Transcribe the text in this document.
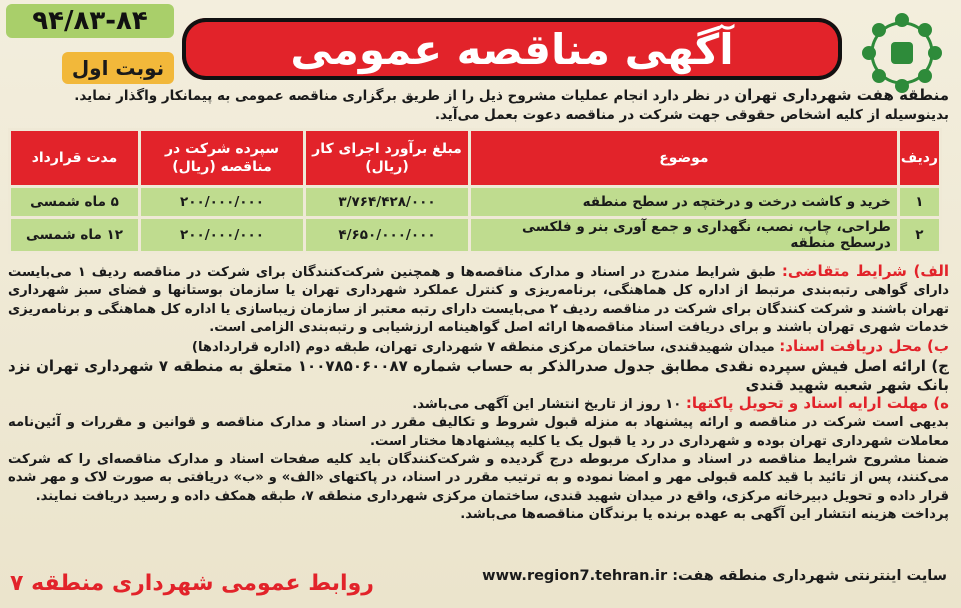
۹۴/۸۳-۸۴
نوبت اول	آگهی مناقصه عمومی
منطقه هفت شهرداری تهران در نظر دارد انجام عملیات مشروح ذیل را از طریق برگزاری مناقصه عمومی به پیمانکار واگذار نماید.
بدینوسیله از کلیه اشخاص حقوقی جهت شرکت در مناقصه دعوت بعمل می‌آید.
ردیف	موضوع	مبلغ برآورد اجرای کار (ریال)	سپرده شرکت در مناقصه (ریال)	مدت قرارداد
۱	خرید و کاشت درخت و درختچه در سطح منطقه	۳/۷۶۴/۴۲۸/۰۰۰	۲۰۰/۰۰۰/۰۰۰	۵ ماه شمسی
۲	طراحی، چاپ، نصب، نگهداری و جمع آوری بنر و فلکسی درسطح منطقه	۴/۶۵۰/۰۰۰/۰۰۰	۲۰۰/۰۰۰/۰۰۰	۱۲ ماه شمسی

الف) شرایط متقاضی: طبق شرایط مندرج در اسناد و مدارک مناقصه‌ها و همچنین شرکت‌کنندگان برای شرکت در مناقصه ردیف ۱ می‌بایست دارای گواهی رتبه‌بندی مرتبط از اداره کل هماهنگی، برنامه‌ریزی و کنترل عملکرد شهرداری تهران یا سازمان بوستانها و فضای سبز شهرداری تهران باشند و شرکت کنندگان برای شرکت در مناقصه ردیف ۲ می‌بایست دارای رتبه معتبر از سازمان زیباسازی یا اداره کل هماهنگی و برنامه‌ریزی خدمات شهری تهران باشند و برای دریافت اسناد مناقصه‌ها ارائه اصل گواهینامه ارزشیابی و رتبه‌بندی الزامی است.

ب) محل دریافت اسناد: میدان شهیدقندی، ساختمان مرکزی منطقه ۷ شهرداری تهران، طبقه دوم (اداره قراردادها)

ج) ارائه اصل فیش سپرده نقدی مطابق جدول صدرالذکر به حساب شماره ۱۰۰۷۸۵۰۶۰۰۸۷ متعلق به منطقه ۷ شهرداری تهران نزد بانک شهر شعبه شهید قندی

ه) مهلت ارایه اسناد و تحویل پاکتها: ۱۰ روز از تاریخ انتشار این آگهی می‌باشد.

بدیهی است شرکت در مناقصه و ارائه پیشنهاد به منزله قبول شروط و تکالیف مقرر در اسناد و مدارک مناقصه و قوانین و مقررات و آئین‌نامه معاملات شهرداری تهران بوده و شهرداری در رد یا قبول یک یا کلیه پیشنهادها مختار است.

ضمنا مشروح شرایط مناقصه در اسناد و مدارک مربوطه درج گردیده و شرکت‌کنندگان باید کلیه صفحات اسناد و مدارک مناقصه‌ای را که شرکت می‌کنند، پس از تائید با قید کلمه قبولی مهر و امضا نموده و به ترتیب مقرر در اسناد، در پاکتهای «الف» و «ب» دریافتی به صورت لاک و مهر شده قرار داده و تحویل دبیرخانه مرکزی، واقع در میدان شهید قندی، ساختمان مرکزی شهرداری منطقه ۷، طبقه همکف داده و رسید دریافت نمایند.

پرداخت هزینه انتشار این آگهی به عهده برنده یا برندگان مناقصه‌ها می‌باشد.

سایت اینترنتی شهرداری منطقه هفت: www.region7.tehran.ir
روابط عمومی شهرداری منطقه ۷
